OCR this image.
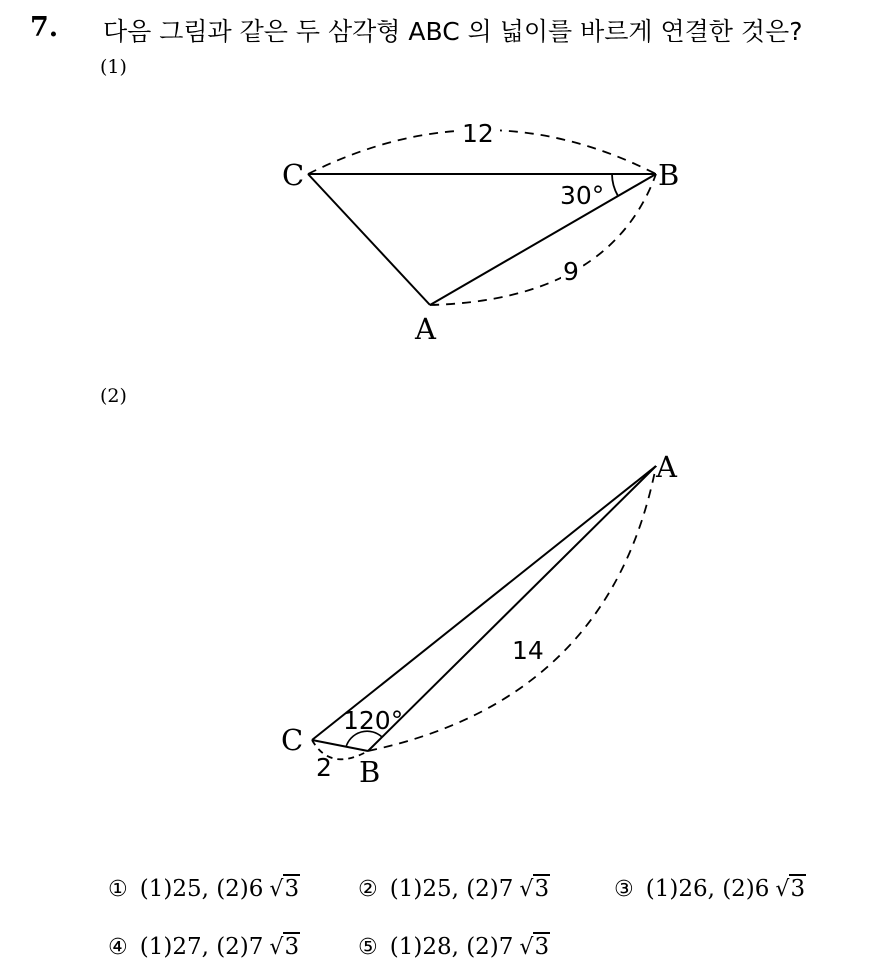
7. 다음 그림과 같은 두 삼각형 ABC 의 넓이를 바르게 연결한 것은?
(1)
12
30°
9
C	B
A
(2)
14
120°
2
C
B
A
① (1)25, (2)6 √3	② (1)25, (2)7 √3	③ (1)26, (2)6 √3
④ (1)27, (2)7 √3	⑤ (1)28, (2)7 √3
